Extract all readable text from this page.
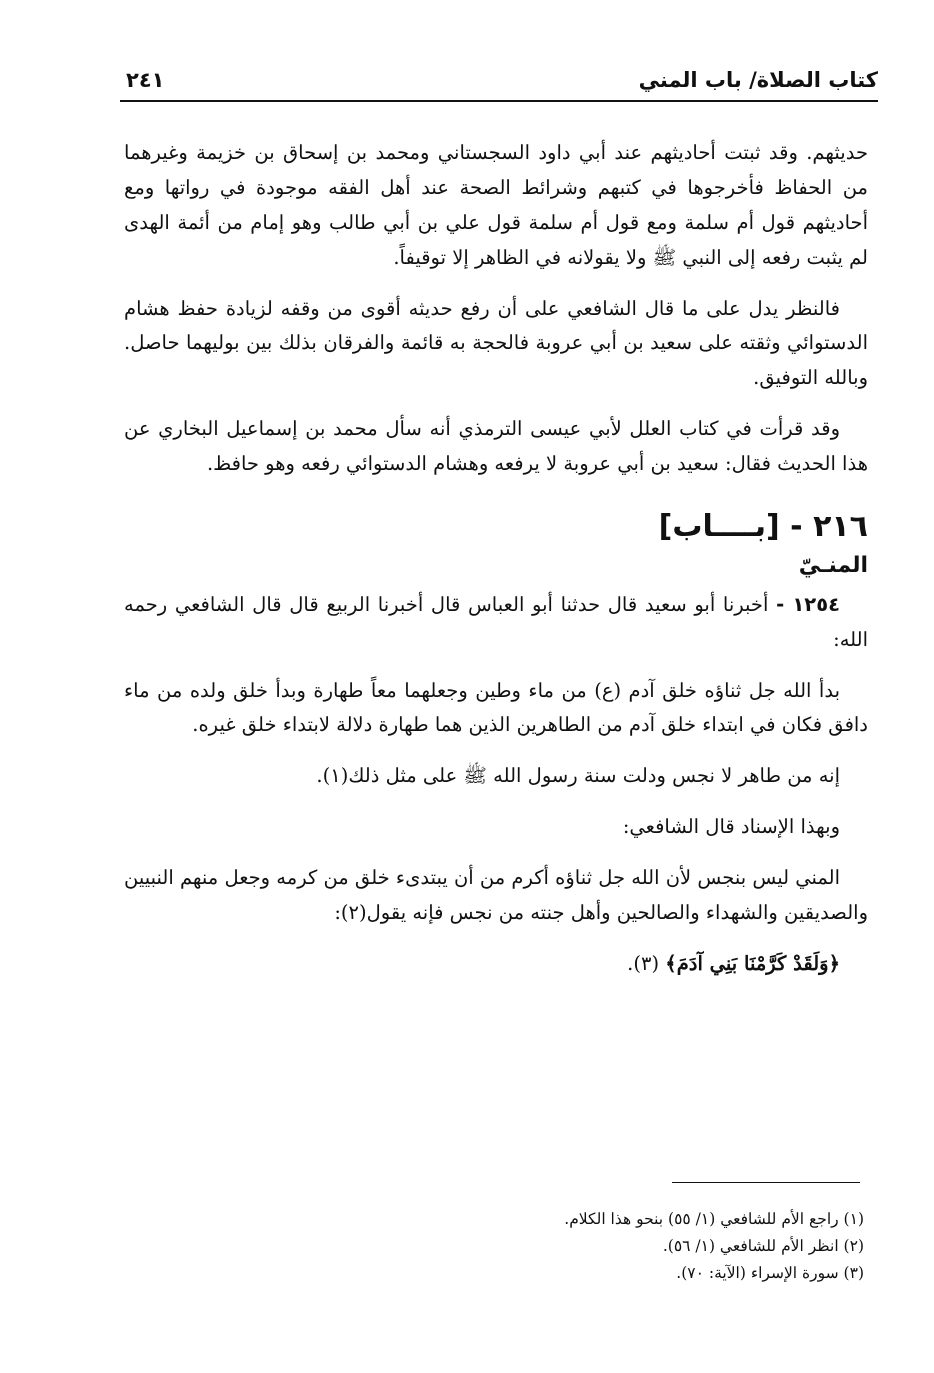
كتاب الصلاة/ باب المني
٢٤١

حديثهم. وقد ثبتت أحاديثهم عند أبي داود السجستاني ومحمد بن إسحاق بن خزيمة وغيرهما من الحفاظ فأخرجوها في كتبهم وشرائط الصحة عند أهل الفقه موجودة في رواتها ومع أحاديثهم قول أم سلمة ومع قول أم سلمة قول علي بن أبي طالب وهو إمام من أئمة الهدى لم يثبت رفعه إلى النبي ﷺ ولا يقولانه في الظاهر إلا توقيفاً.

فالنظر يدل على ما قال الشافعي على أن رفع حديثه أقوى من وقفه لزيادة حفظ هشام الدستوائي وثقته على سعيد بن أبي عروبة فالحجة به قائمة والفرقان بذلك بين بوليهما حاصل. وبالله التوفيق.

وقد قرأت في كتاب العلل لأبي عيسى الترمذي أنه سأل محمد بن إسماعيل البخاري عن هذا الحديث فقال: سعيد بن أبي عروبة لا يرفعه وهشام الدستوائي رفعه وهو حافظ.

٢١٦ - [بــــاب]
المنـيّ

١٢٥٤ - أخبرنا أبو سعيد قال حدثنا أبو العباس قال أخبرنا الربيع قال قال الشافعي رحمه الله:

بدأ الله جل ثناؤه خلق آدم (ع) من ماء وطين وجعلهما معاً طهارة وبدأ خلق ولده من ماء دافق فكان في ابتداء خلق آدم من الطاهرين الذين هما طهارة دلالة لابتداء خلق غيره.

إنه من طاهر لا نجس ودلت سنة رسول الله ﷺ على مثل ذلك(١).

وبهذا الإسناد قال الشافعي:

المني ليس بنجس لأن الله جل ثناؤه أكرم من أن يبتدىء خلق من كرمه وجعل منهم النبيين والصديقين والشهداء والصالحين وأهل جنته من نجس فإنه يقول(٢):

﴿وَلَقَدْ كَرَّمْنَا بَنِي آدَمَ﴾ (٣).

(١) راجع الأم للشافعي (١/ ٥٥) بنحو هذا الكلام.
(٢) انظر الأم للشافعي (١/ ٥٦).
(٣) سورة الإسراء (الآية: ٧٠).
